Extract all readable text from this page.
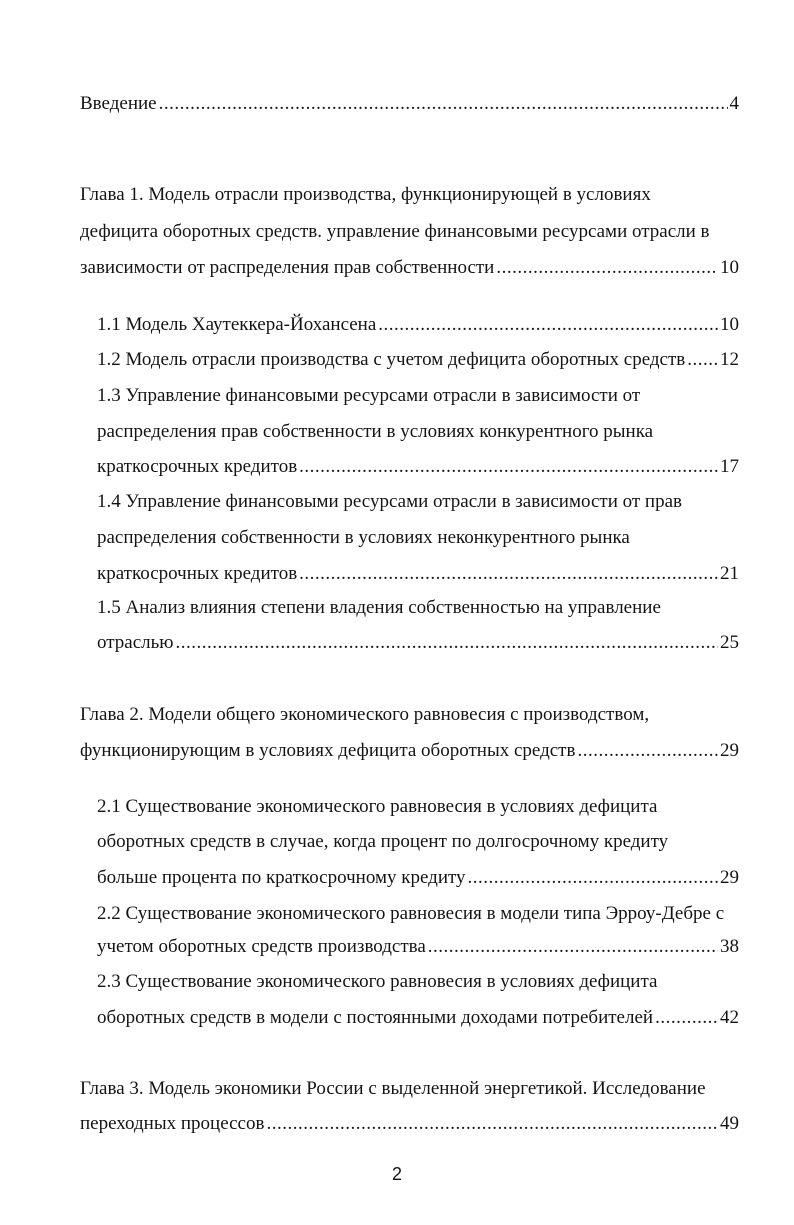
Введение .....	4
Глава 1. Модель отрасли производства, функционирующей в условиях
дефицита оборотных средств. управление финансовыми ресурсами отрасли в
зависимости от распределения прав собственности .....	10
1.1 Модель Хаутеккера-Йохансена .....	10
1.2 Модель отрасли производства с учетом дефицита оборотных средств ..... 12
1.3 Управление финансовыми ресурсами отрасли в зависимости от
распределения прав собственности в условиях конкурентного рынка
краткосрочных кредитов .....	17
1.4 Управление финансовыми ресурсами отрасли в зависимости от прав
распределения собственности в условиях неконкурентного рынка
краткосрочных кредитов .....	21
1.5 Анализ влияния степени владения собственностью на управление
отраслью .....	25
Глава 2. Модели общего экономического равновесия с производством,
функционирующим в условиях дефицита оборотных средств .....	29
2.1 Существование экономического равновесия в условиях дефицита
оборотных средств в случае, когда процент по долгосрочному кредиту
больше процента по краткосрочному кредиту .....	29
2.2 Существование экономического равновесия в модели типа Эрроу-Дебре с
учетом оборотных средств производства .....	38
2.3 Существование экономического равновесия в условиях дефицита
оборотных средств в модели с постоянными доходами потребителей .....	42
Глава 3. Модель экономики России с выделенной энергетикой. Исследование
переходных процессов .....	49
2
